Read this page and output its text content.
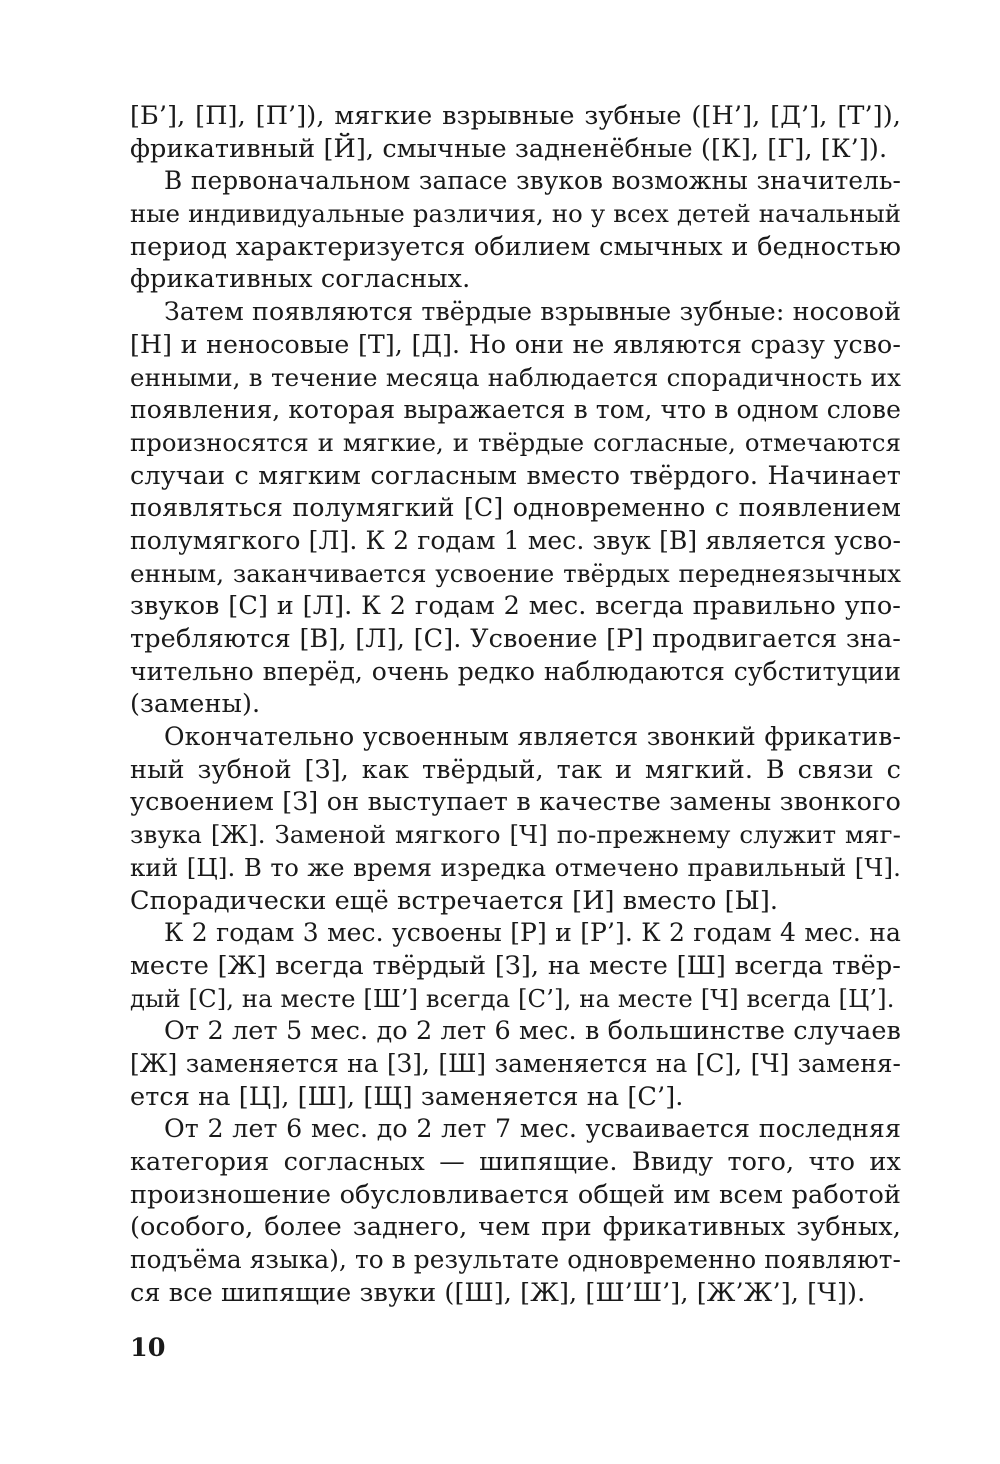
[Б’], [П], [П’]), мягкие взрывные зубные ([Н’], [Д’], [Т’]),
фрикативный [Й], смычные задненёбные ([К], [Г], [К’]).
В первоначальном запасе звуков возможны значитель-
ные индивидуальные различия, но у всех детей начальный
период характеризуется обилием смычных и бедностью
фрикативных согласных.
Затем появляются твёрдые взрывные зубные: носовой
[Н] и неносовые [Т], [Д]. Но они не являются сразу усво-
енными, в течение месяца наблюдается спорадичность их
появления, которая выражается в том, что в одном слове
произносятся и мягкие, и твёрдые согласные, отмечаются
случаи с мягким согласным вместо твёрдого. Начинает
появляться полумягкий [С] одновременно с появлением
полумягкого [Л]. К 2 годам 1 мес. звук [В] является усво-
енным, заканчивается усвоение твёрдых переднеязычных
звуков [С] и [Л]. К 2 годам 2 мес. всегда правильно упо-
требляются [В], [Л], [С]. Усвоение [Р] продвигается зна-
чительно вперёд, очень редко наблюдаются субституции
(замены).
Окончательно усвоенным является звонкий фрикатив-
ный зубной [З], как твёрдый, так и мягкий. В связи с
усвоением [З] он выступает в качестве замены звонкого
звука [Ж]. Заменой мягкого [Ч] по-прежнему служит мяг-
кий [Ц]. В то же время изредка отмечено правильный [Ч].
Спорадически ещё встречается [И] вместо [Ы].
К 2 годам 3 мес. усвоены [Р] и [Р’]. К 2 годам 4 мес. на
месте [Ж] всегда твёрдый [З], на месте [Ш] всегда твёр-
дый [С], на месте [Ш’] всегда [С’], на месте [Ч] всегда [Ц’].
От 2 лет 5 мес. до 2 лет 6 мес. в большинстве случаев
[Ж] заменяется на [З], [Ш] заменяется на [С], [Ч] заменя-
ется на [Ц], [Ш], [Щ] заменяется на [С’].
От 2 лет 6 мес. до 2 лет 7 мес. усваивается последняя
категория согласных — шипящие. Ввиду того, что их
произношение обусловливается общей им всем работой
(особого, более заднего, чем при фрикативных зубных,
подъёма языка), то в результате одновременно появляют-
ся все шипящие звуки ([Ш], [Ж], [Ш’Ш’], [Ж’Ж’], [Ч]).
10
